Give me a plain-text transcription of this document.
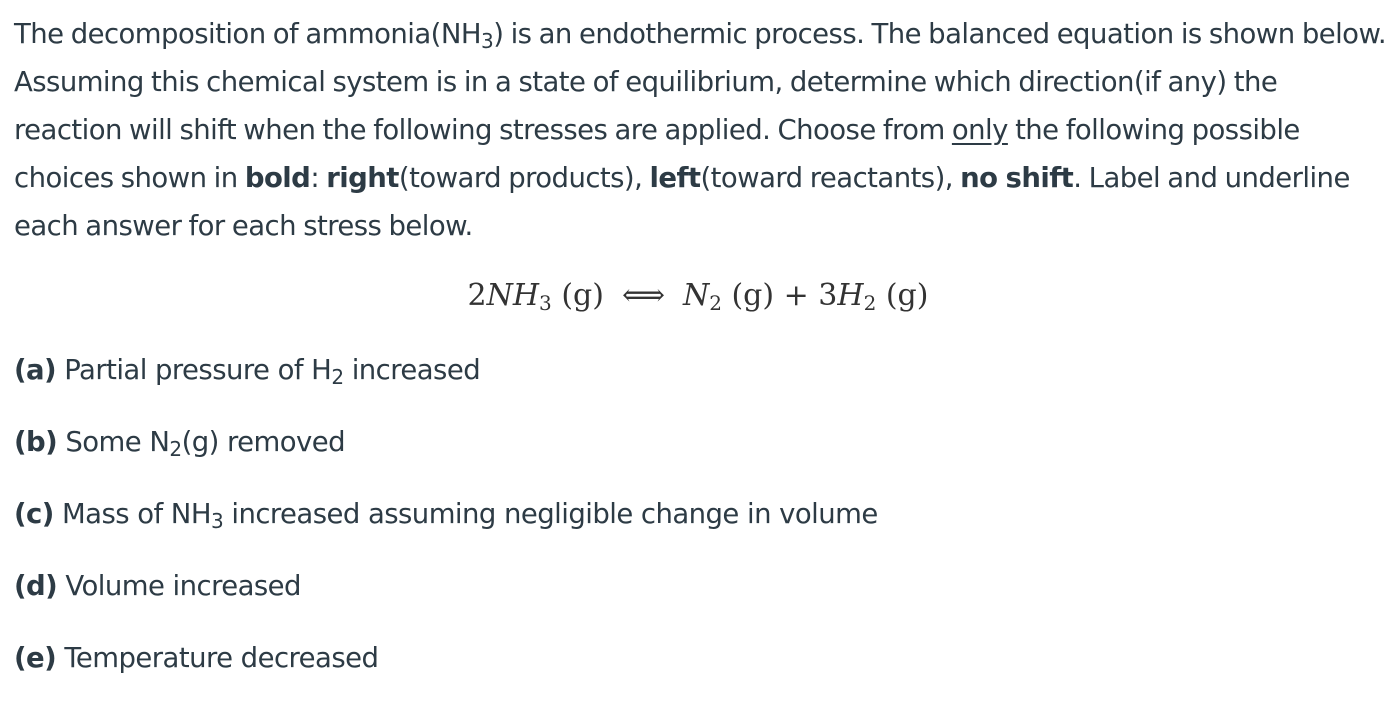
The decomposition of $ammonia(NH_3)$ is an endothermic process. The balanced equation is shown below. Assuming this chemical system is in a state of equilibrium, determine which direction(if any) the reaction will shift when the following stresses are applied. Choose from only the following possible choices shown in bold: right(toward products), left(toward reactants), no shift. Label and underline each answer for each stress below.

$2NH_3$ (g) ⟺ $N_2$ $(g) + 3H_2$ (g)

(a) Partial pressure of $H_2$ increased

(b) Some $N_2(g)$ removed

(c) Mass of $NH_3$ increased assuming negligible change in volume

(d) Volume increased

(e) Temperature decreased
